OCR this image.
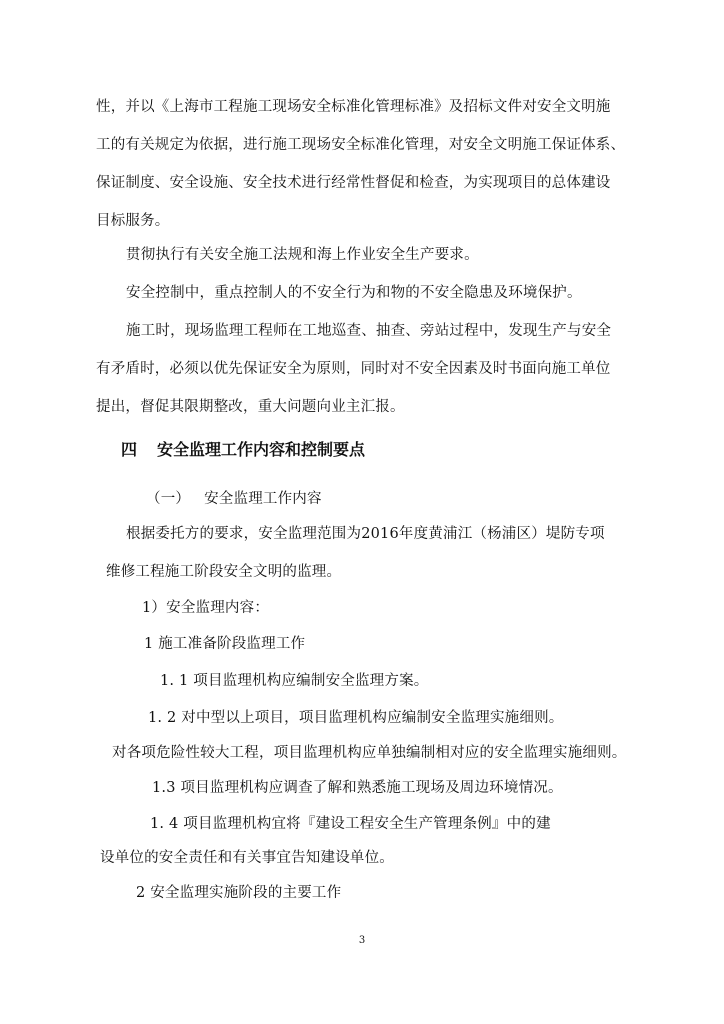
性，并以《上海市工程施工现场安全标准化管理标准》及招标文件对安全文明施
工的有关规定为依据，进行施工现场安全标准化管理，对安全文明施工保证体系、
保证制度、安全设施、安全技术进行经常性督促和检查，为实现项目的总体建设
目标服务。
贯彻执行有关安全施工法规和海上作业安全生产要求。
安全控制中，重点控制人的不安全行为和物的不安全隐患及环境保护。
施工时，现场监理工程师在工地巡查、抽查、旁站过程中，发现生产与安全
有矛盾时，必须以优先保证安全为原则，同时对不安全因素及时书面向施工单位
提出，督促其限期整改，重大问题向业主汇报。
四 安全监理工作内容和控制要点
（一） 安全监理工作内容
根据委托方的要求，安全监理范围为2016年度黄浦江（杨浦区）堤防专项
维修工程施工阶段安全文明的监理。
1）安全监理内容：
1 施工准备阶段监理工作
1. 1 项目监理机构应编制安全监理方案。
1. 2 对中型以上项目，项目监理机构应编制安全监理实施细则。
对各项危险性较大工程，项目监理机构应单独编制相对应的安全监理实施细则。
1.3 项目监理机构应调查了解和熟悉施工现场及周边环境情况。
1. 4 项目监理机构宜将『建设工程安全生产管理条例』中的建
设单位的安全责任和有关事宜告知建设单位。
2 安全监理实施阶段的主要工作
3
